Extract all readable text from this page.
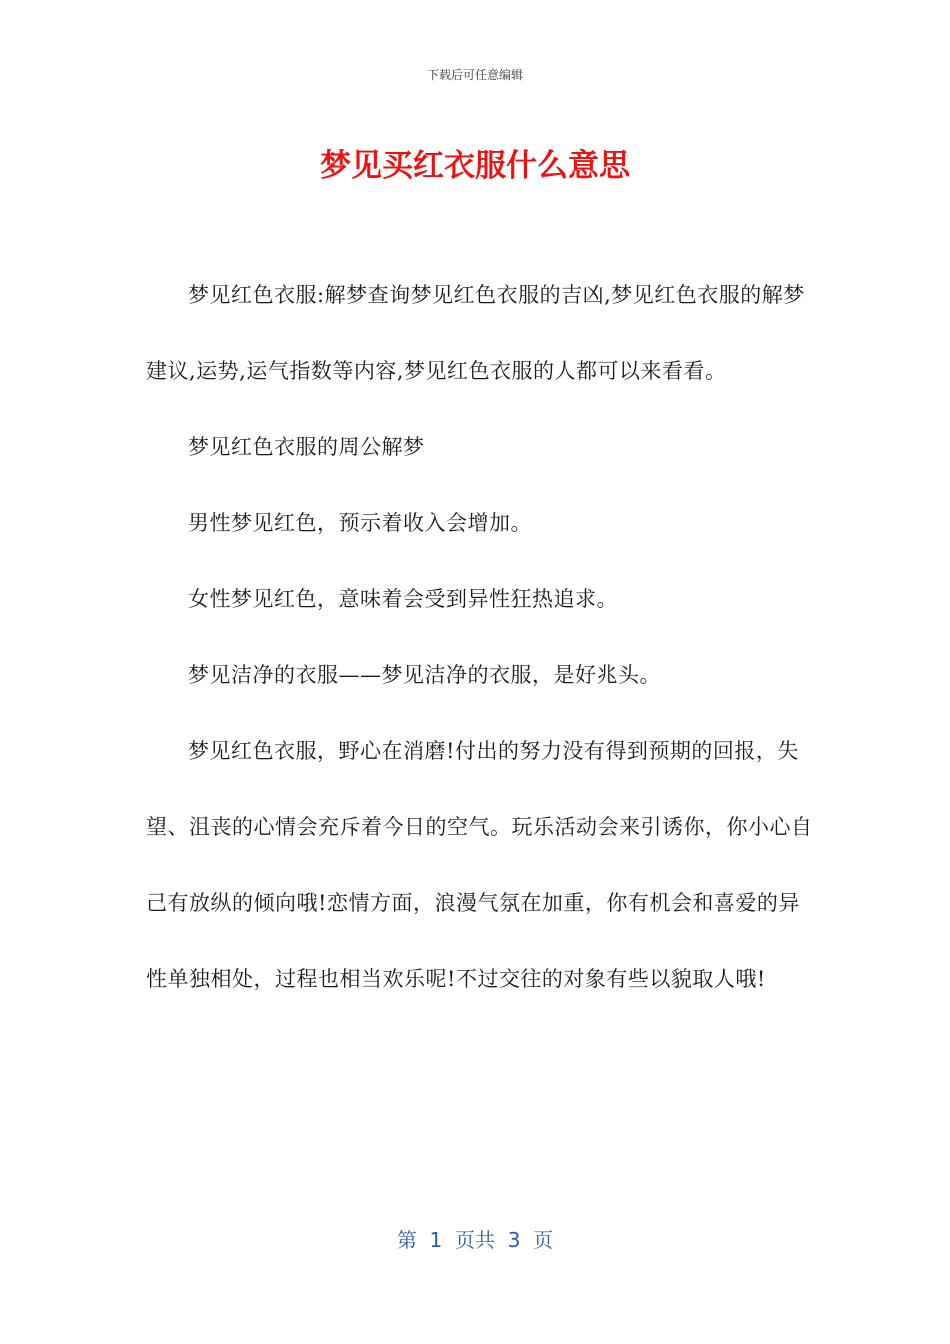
下载后可任意编辑
梦见买红衣服什么意思

梦见红色衣服:解梦查询梦见红色衣服的吉凶,梦见红色衣服的解梦建议,运势,运气指数等内容,梦见红色衣服的人都可以来看看。

梦见红色衣服的周公解梦

男性梦见红色，预示着收入会增加。

女性梦见红色，意味着会受到异性狂热追求。

梦见洁净的衣服——梦见洁净的衣服，是好兆头。

梦见红色衣服，野心在消磨!付出的努力没有得到预期的回报，失望、沮丧的心情会充斥着今日的空气。玩乐活动会来引诱你，你小心自己有放纵的倾向哦!恋情方面，浪漫气氛在加重，你有机会和喜爱的异性单独相处，过程也相当欢乐呢!不过交往的对象有些以貌取人哦!

第  1  页共  3  页
